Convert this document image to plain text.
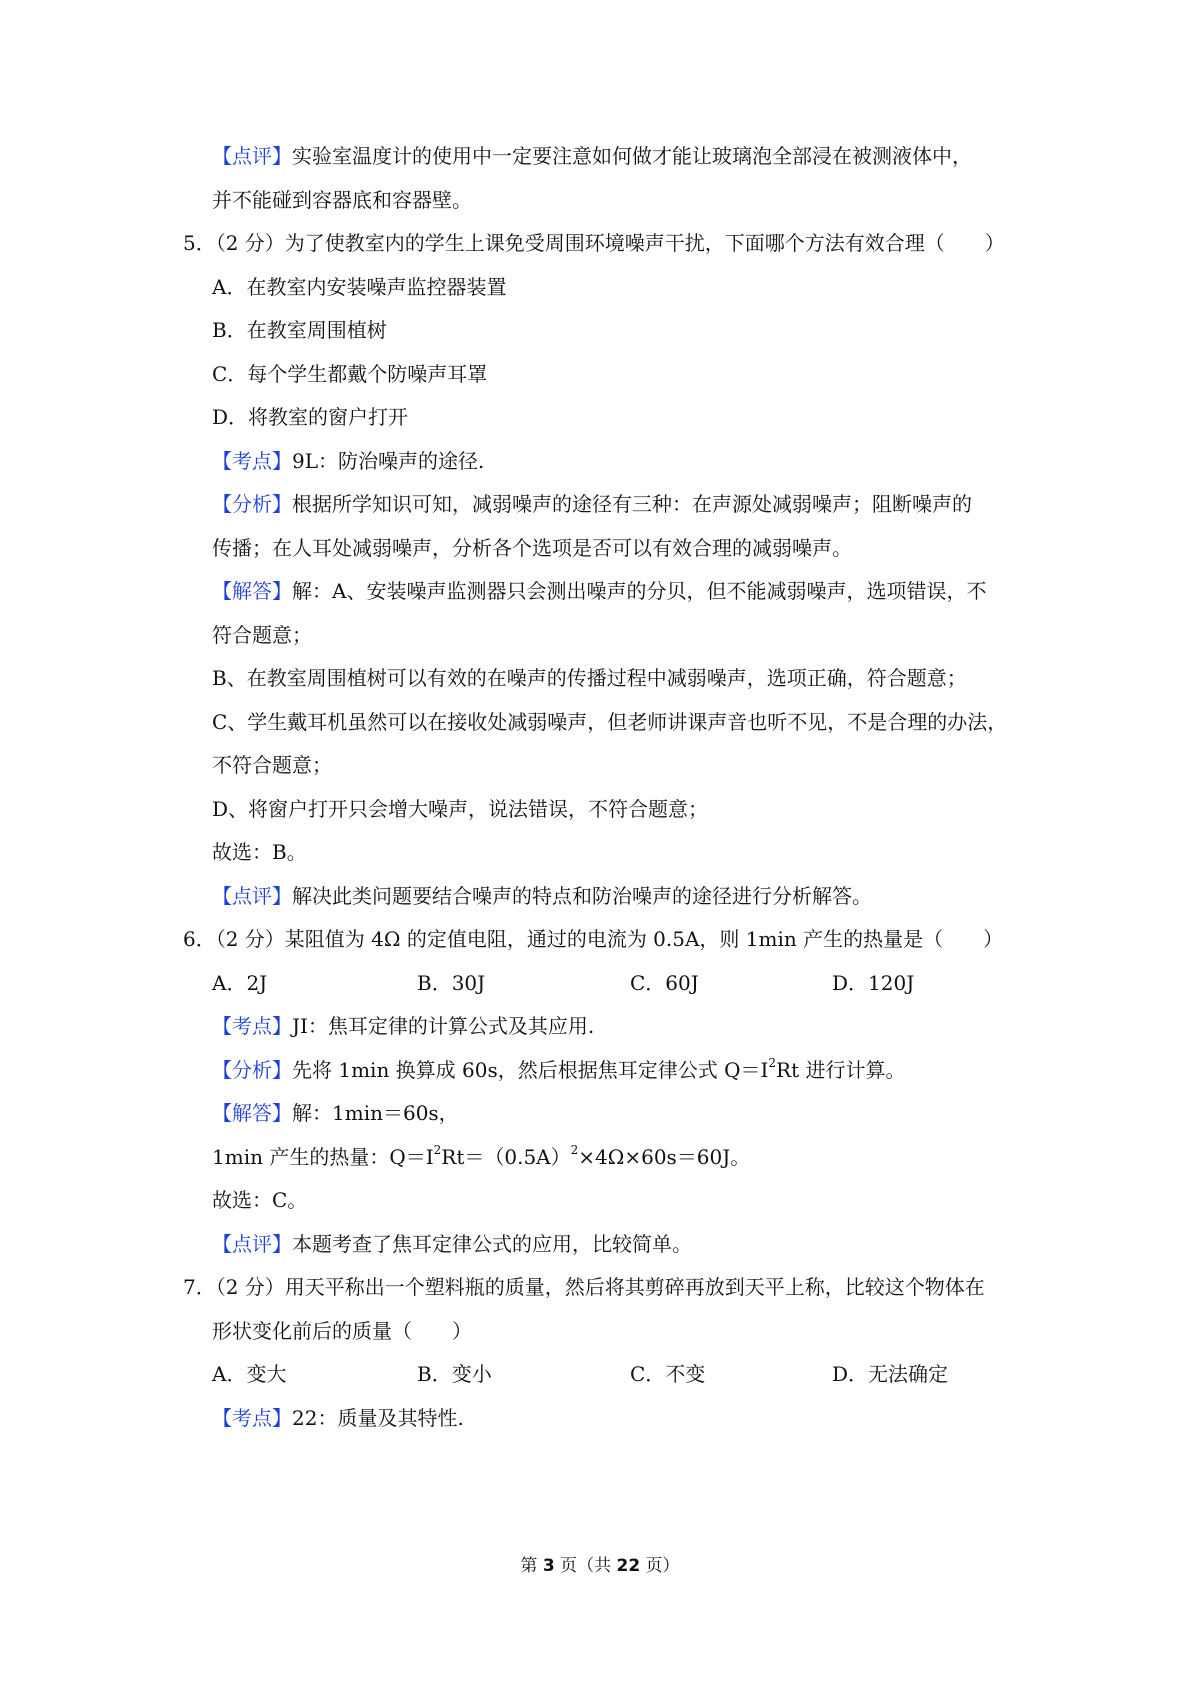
【点评】实验室温度计的使用中一定要注意如何做才能让玻璃泡全部浸在被测液体中，
并不能碰到容器底和容器壁。
5．（2 分）为了使教室内的学生上课免受周围环境噪声干扰，下面哪个方法有效合理（　　）
A．在教室内安装噪声监控器装置
B．在教室周围植树
C．每个学生都戴个防噪声耳罩
D．将教室的窗户打开
【考点】9L：防治噪声的途径.
【分析】根据所学知识可知，减弱噪声的途径有三种：在声源处减弱噪声；阻断噪声的
传播；在人耳处减弱噪声，分析各个选项是否可以有效合理的减弱噪声。
【解答】解：A、安装噪声监测器只会测出噪声的分贝，但不能减弱噪声，选项错误，不
符合题意；
B、在教室周围植树可以有效的在噪声的传播过程中减弱噪声，选项正确，符合题意；
C、学生戴耳机虽然可以在接收处减弱噪声，但老师讲课声音也听不见，不是合理的办法，
不符合题意；
D、将窗户打开只会增大噪声，说法错误，不符合题意；
故选：B。
【点评】解决此类问题要结合噪声的特点和防治噪声的途径进行分析解答。
6．（2 分）某阻值为 4Ω 的定值电阻，通过的电流为 0.5A，则 1min 产生的热量是（　　）
A．2J	B．30J	C．60J	D．120J
【考点】JI：焦耳定律的计算公式及其应用.
【分析】先将 1min 换算成 60s，然后根据焦耳定律公式 $Q=I^2Rt$ 进行计算。
【解答】解：1min＝60s，
1min 产生的热量：$Q=I^2Rt=(0.5A)^2\times 4\Omega\times 60s=60J$。
故选：C。
【点评】本题考查了焦耳定律公式的应用，比较简单。
7．（2 分）用天平称出一个塑料瓶的质量，然后将其剪碎再放到天平上称，比较这个物体在
形状变化前后的质量（　　）
A．变大	B．变小	C．不变	D．无法确定
【考点】22：质量及其特性.
第 3 页（共 22 页）
